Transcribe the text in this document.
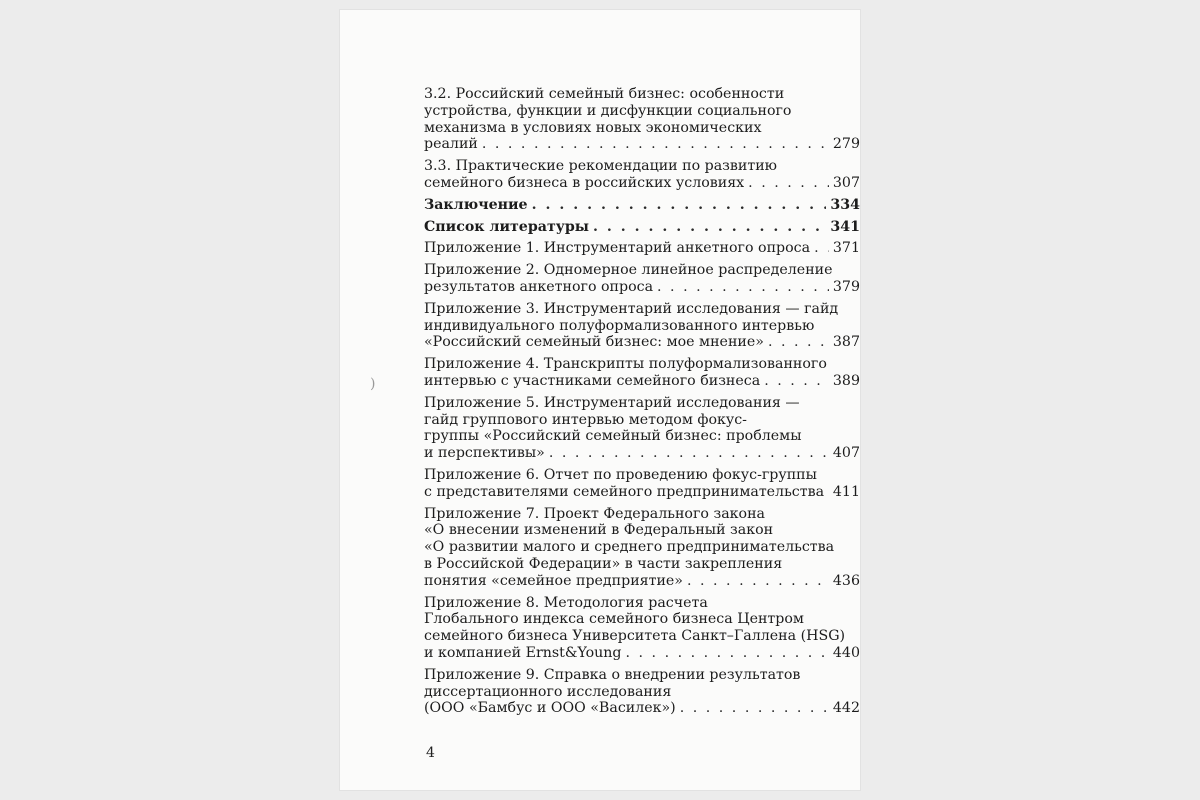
3.2. Российский семейный бизнес: особенности
устройства, функции и дисфункции социального
механизма в условиях новых экономических
реалий . . .	279
3.3. Практические рекомендации по развитию
семейного бизнеса в российских условиях . . .	307
Заключение . . .	334
Список литературы . . .	341
Приложение 1. Инструментарий анкетного опроса . . . 371
Приложение 2. Одномерное линейное распределение
результатов анкетного опроса . . .	379
Приложение 3. Инструментарий исследования — гайд
индивидуального полуформализованного интервью
«Российский семейный бизнес: мое мнение» . . .	387
Приложение 4. Транскрипты полуформализованного
интервью с участниками семейного бизнеса . . .	389
Приложение 5. Инструментарий исследования —
гайд группового интервью методом фокус-
группы «Российский семейный бизнес: проблемы
и перспективы» . . .	407
Приложение 6. Отчет по проведению фокус-группы
с представителями семейного предпринимательства . . . 411
Приложение 7. Проект Федерального закона
«О внесении изменений в Федеральный закон
«О развитии малого и среднего предпринимательства
в Российской Федерации» в части закрепления
понятия «семейное предприятие» . . .	436
Приложение 8. Методология расчета
Глобального индекса семейного бизнеса Центром
семейного бизнеса Университета Санкт–Галлена (HSG)
и компанией Ernst&Young . . .	440
Приложение 9. Справка о внедрении результатов
диссертационного исследования
(ООО «Бамбус и ООО «Василек») . . .	442
4
)
